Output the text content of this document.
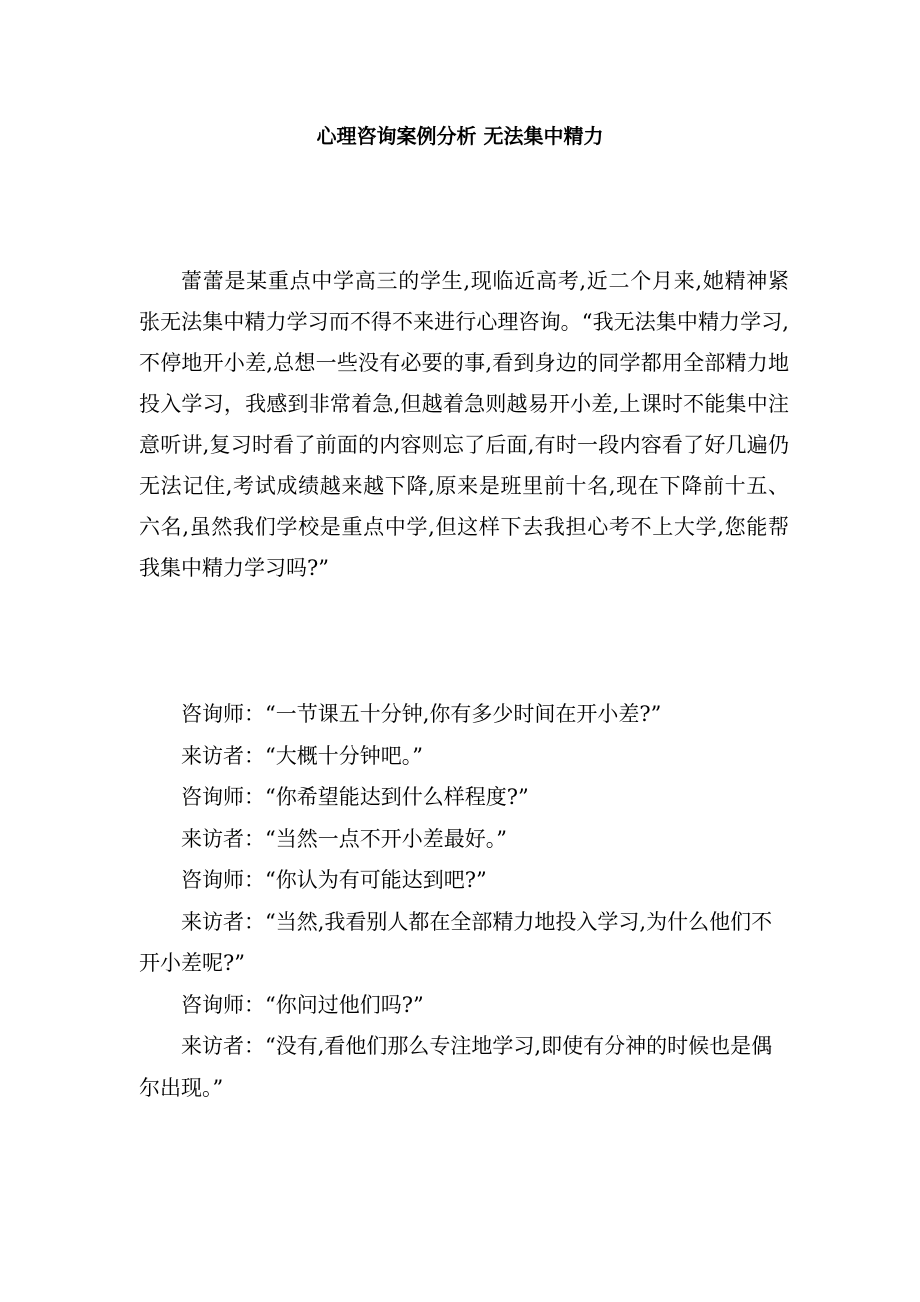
心理咨询案例分析 无法集中精力

蕾蕾是某重点中学高三的学生,现临近高考,近二个月来,她精神紧张无法集中精力学习而不得不来进行心理咨询。“我无法集中精力学习,不停地开小差,总想一些没有必要的事,看到身边的同学都用全部精力地投入学习，我感到非常着急,但越着急则越易开小差,上课时不能集中注意听讲,复习时看了前面的内容则忘了后面,有时一段内容看了好几遍仍无法记住,考试成绩越来越下降,原来是班里前十名,现在下降前十五、六名,虽然我们学校是重点中学,但这样下去我担心考不上大学,您能帮我集中精力学习吗?”

咨询师：“一节课五十分钟,你有多少时间在开小差?”

来访者：“大概十分钟吧。”

咨询师：“你希望能达到什么样程度?”

来访者：“当然一点不开小差最好。”

咨询师：“你认为有可能达到吧?”

来访者：“当然,我看别人都在全部精力地投入学习,为什么他们不开小差呢?”

咨询师：“你问过他们吗?”

来访者：“没有,看他们那么专注地学习,即使有分神的时候也是偶尔出现。”
